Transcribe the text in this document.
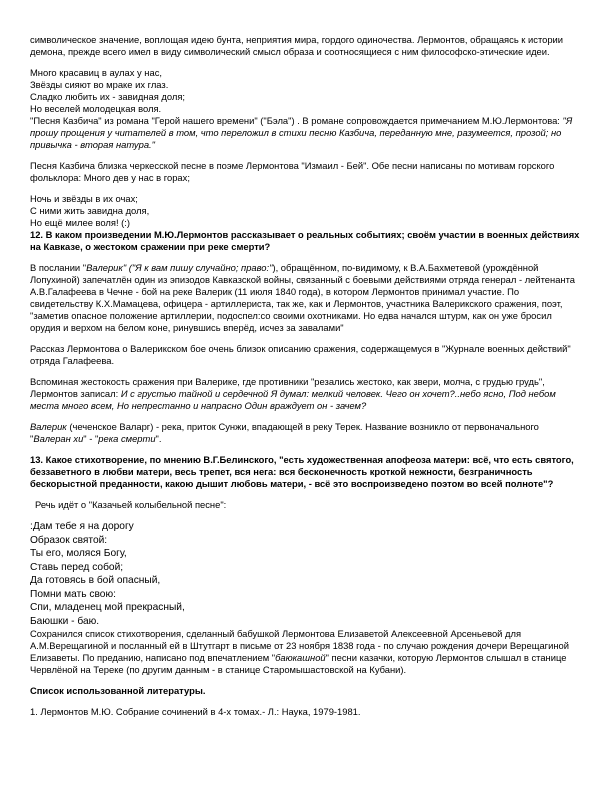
символическое значение, воплощая идею бунта, неприятия мира, гордого одиночества. Лермонтов, обращаясь к истории демона, прежде всего имел в виду символический смысл образа и соотносящиеся с ним философско-этические идеи.

Много красавиц в аулах у нас,
Звёзды сияют во мраке их глаз.
Сладко любить их - завидная доля;
Но веселей молодецкая воля.

"Песня Казбича" из романа "Герой нашего времени" ("Бэла") . В романе сопровождается примечанием М.Ю.Лермонтова: "Я прошу прощения у читателей в том, что переложил в стихи песню Казбича, переданную мне, разумеется, прозой; но привычка - вторая натура."

Песня Казбича близка черкесской песне в поэме Лермонтова "Измаил - Бей". Обе песни написаны по мотивам горского фольклора: Много дев у нас в горах;

Ночь и звёзды в их очах;
С ними жить завидна доля,
Но ещё милее воля! (:)

12. В каком произведении М.Ю.Лермонтов рассказывает о реальных событиях; своём участии в военных действиях на Кавказе, о жестоком сражении при реке смерти?

В послании "Валерик" ("Я к вам пишу случайно; право:"), обращённом, по-видимому, к В.А.Бахметевой (урождённой Лопухиной) запечатлён один из эпизодов Кавказской войны, связанный с боевыми действиями отряда генерал - лейтенанта А.В.Галафеева в Чечне - бой на реке Валерик (11 июля 1840 года), в котором Лермонтов принимал участие. По свидетельству К.Х.Мамацева, офицера - артиллериста, так же, как и Лермонтов, участника Валерикского сражения, поэт, "заметив опасное положение артиллерии, подоспел:со своими охотниками. Но едва начался штурм, как он уже бросил орудия и верхом на белом коне, ринувшись вперёд, исчез за завалами"

Рассказ Лермонтова о Валерикском бое очень близок описанию сражения, содержащемуся в "Журнале военных действий" отряда Галафеева.

Вспоминая жестокость сражения при Валерике, где противники "резались жестоко, как звери, молча, с грудью грудь", Лермонтов записал: И с грустью тайной и сердечной Я думал: мелкий человек. Чего он хочет?..небо ясно, Под небом места много всем, Но непрестанно и напрасно Один враждует он - зачем?

Валерик (чеченское Валарг) - река, приток Сунжи, впадающей в реку Терек. Название возникло от первоначального "Валеран хи" - "река смерти".

13. Какое стихотворение, по мнению В.Г.Белинского, "есть художественная апофеоза матери: всё, что есть святого, беззаветного в любви матери, весь трепет, вся нега: вся бесконечность кроткой нежности, безграничность бескорыстной преданности, какою дышит любовь матери, - всё это воспроизведено поэтом во всей полноте"?

Речь идёт о "Казачьей колыбельной песне":

:Дам тебе я на дорогу
Образок святой:
Ты его, моляся Богу,
Ставь перед собой;
Да готовясь в бой опасный,
Помни мать свою:
Спи, младенец мой прекрасный,
Баюшки - баю.

Сохранился список стихотворения, сделанный бабушкой Лермонтова Елизаветой Алексеевной Арсеньевой для А.М.Верещагиной и посланный ей в Штутгарт в письме от 23 ноября 1838 года - по случаю рождения дочери Верещагиной Елизаветы. По преданию, написано под впечатлением "баюкашной" песни казачки, которую Лермонтов слышал в станице Червлёной на Тереке (по другим данным - в станице Старомышастовской на Кубани).

Список использованной литературы.

1. Лермонтов М.Ю. Собрание сочинений в 4-х томах.- Л.: Наука, 1979-1981.
